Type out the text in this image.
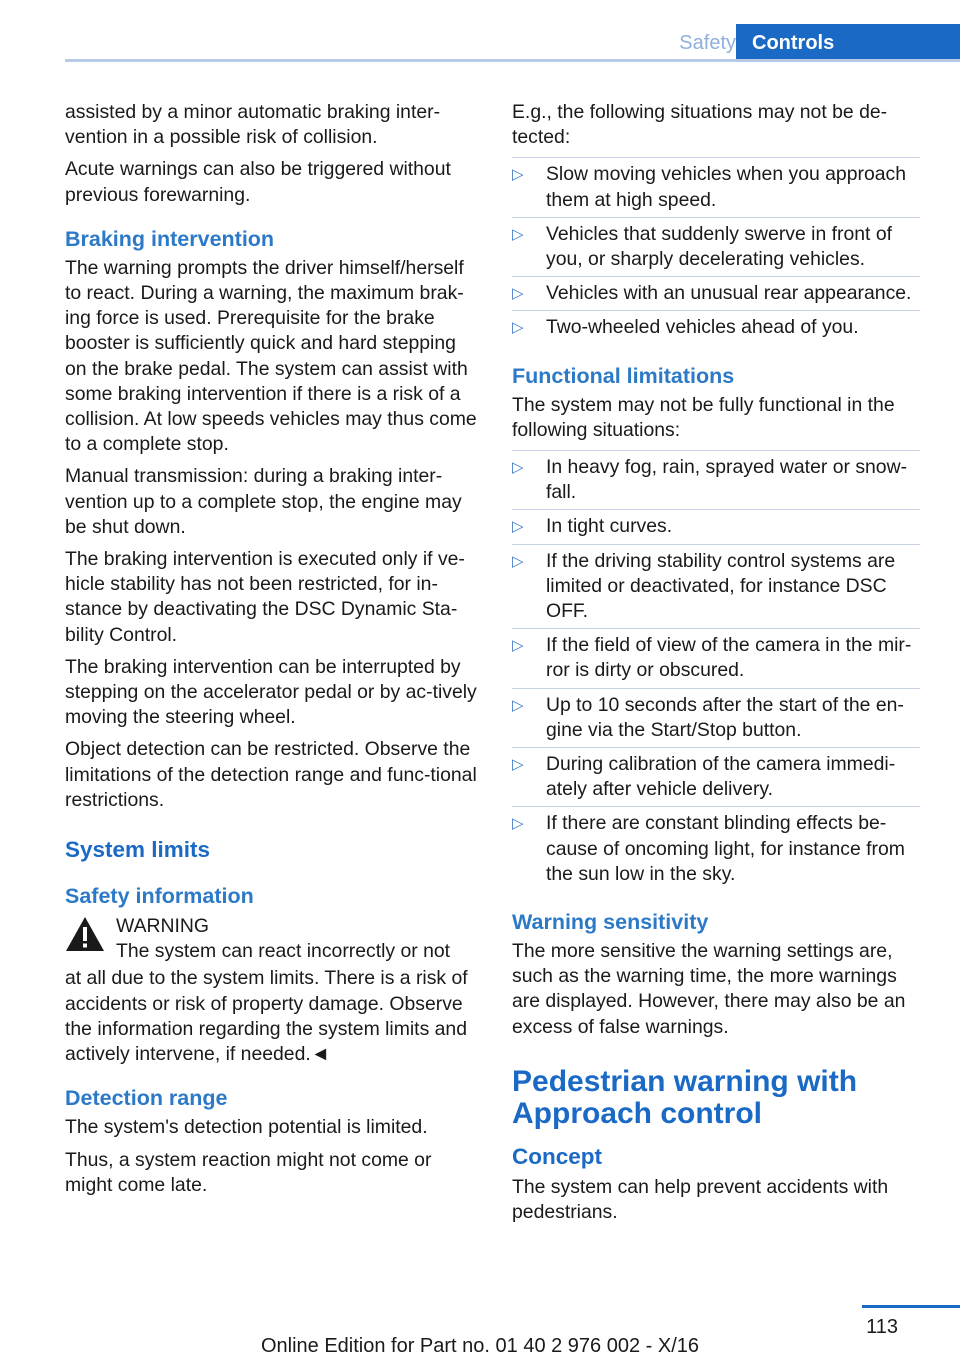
Safety Controls

assisted by a minor automatic braking inter-vention in a possible risk of collision.

Acute warnings can also be triggered without previous forewarning.

Braking intervention

The warning prompts the driver himself/herself to react. During a warning, the maximum brak-ing force is used. Prerequisite for the brake booster is sufficiently quick and hard stepping on the brake pedal. The system can assist with some braking intervention if there is a risk of a collision. At low speeds vehicles may thus come to a complete stop.

Manual transmission: during a braking inter-vention up to a complete stop, the engine may be shut down.

The braking intervention is executed only if ve-hicle stability has not been restricted, for in-stance by deactivating the DSC Dynamic Sta-bility Control.

The braking intervention can be interrupted by stepping on the accelerator pedal or by ac-tively moving the steering wheel.

Object detection can be restricted. Observe the limitations of the detection range and func-tional restrictions.

System limits
Safety information

WARNING

The system can react incorrectly or not

at all due to the system limits. There is a risk of accidents or risk of property damage. Observe the information regarding the system limits and actively intervene, if needed.◄

Detection range

The system's detection potential is limited.

Thus, a system reaction might not come or might come late.

E.g., the following situations may not be de-tected:

▷ Slow moving vehicles when you approach them at high speed.
▷ Vehicles that suddenly swerve in front of you, or sharply decelerating vehicles.
▷ Vehicles with an unusual rear appearance.
▷ Two-wheeled vehicles ahead of you.
Functional limitations

The system may not be fully functional in the following situations:

▷ In heavy fog, rain, sprayed water or snow-fall.
▷ In tight curves.
▷ If the driving stability control systems are limited or deactivated, for instance DSC OFF.
▷ If the field of view of the camera in the mir-ror is dirty or obscured.
▷ Up to 10 seconds after the start of the en-gine via the Start/Stop button.
▷ During calibration of the camera immedi-ately after vehicle delivery.
▷ If there are constant blinding effects be-cause of oncoming light, for instance from the sun low in the sky.
Warning sensitivity

The more sensitive the warning settings are, such as the warning time, the more warnings are displayed. However, there may also be an excess of false warnings.

Pedestrian warning with Approach control
Concept

The system can help prevent accidents with pedestrians.

113
Online Edition for Part no. 01 40 2 976 002 - X/16
